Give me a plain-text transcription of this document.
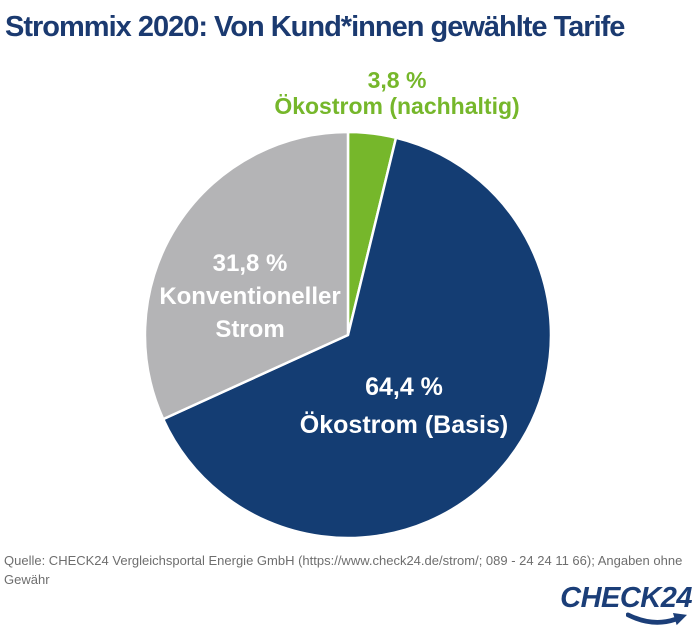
Strommix 2020: Von Kund*innen gewählte Tarife
3,8 %
Ökostrom (nachhaltig)
31,8 %
Konventioneller Strom
64,4 %
Ökostrom (Basis)

Quelle: CHECK24 Vergleichsportal Energie GmbH (https://www.check24.de/strom/; 089 - 24 24 11 66); Angaben ohne Gewähr

CHECK24
